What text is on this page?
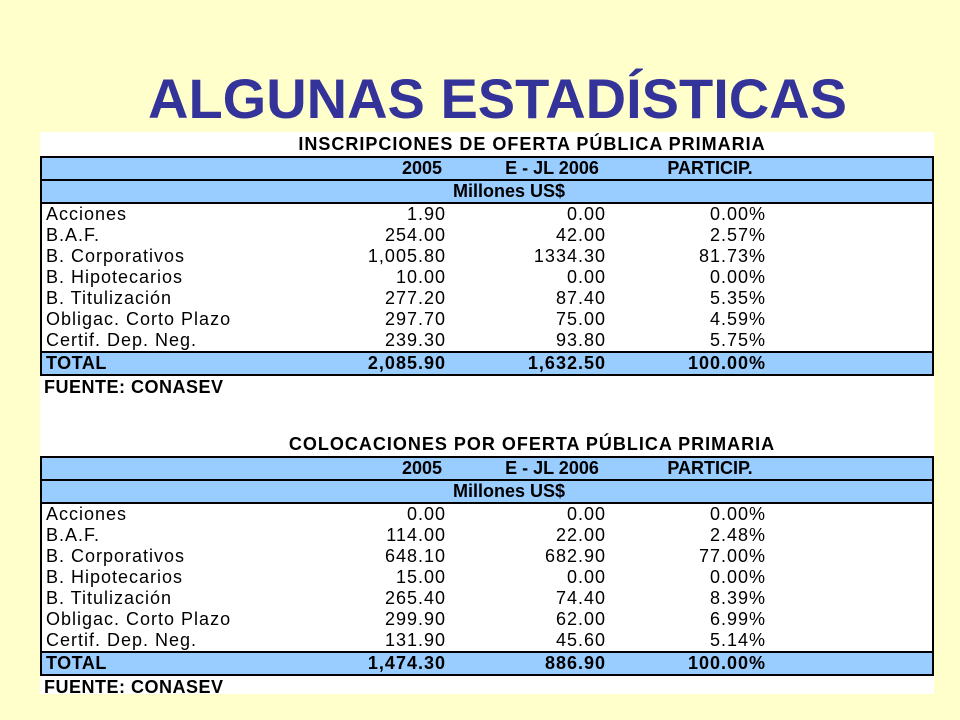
ALGUNAS ESTADÍSTICAS
INSCRIPCIONES DE OFERTA PÚBLICA PRIMARIA
2005	E - JL 2006	PARTICIP.
Millones US$
Acciones	1.90	0.00	0.00%
B.A.F.	254.00	42.00	2.57%
B. Corporativos	1,005.80	1334.30	81.73%
B. Hipotecarios	10.00	0.00	0.00%
B. Titulización	277.20	87.40	5.35%
Obligac. Corto Plazo	297.70	75.00	4.59%
Certif. Dep. Neg.	239.30	93.80	5.75%
TOTAL	2,085.90	1,632.50	100.00%
FUENTE: CONASEV
COLOCACIONES POR OFERTA PÚBLICA PRIMARIA
2005	E - JL 2006	PARTICIP.
Millones US$
Acciones	0.00	0.00	0.00%
B.A.F.	114.00	22.00	2.48%
B. Corporativos	648.10	682.90	77.00%
B. Hipotecarios	15.00	0.00	0.00%
B. Titulización	265.40	74.40	8.39%
Obligac. Corto Plazo	299.90	62.00	6.99%
Certif. Dep. Neg.	131.90	45.60	5.14%
TOTAL	1,474.30	886.90	100.00%
FUENTE: CONASEV
